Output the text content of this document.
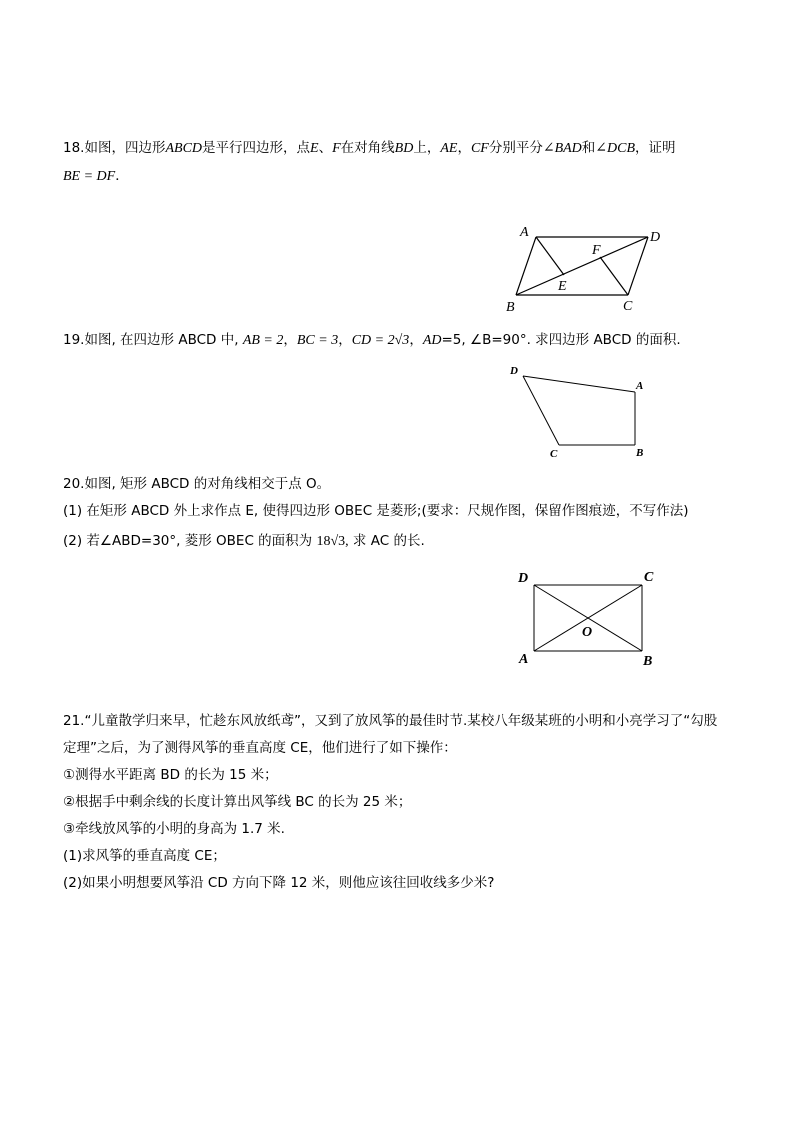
18.如图，四边形ABCD是平行四边形，点E、F在对角线BD上，AE，CF分别平分∠BAD和∠DCB，证明
BE = DF．
A	D
F
E
B	C
19.如图, 在四边形 ABCD 中, AB = 2，BC = 3，CD = 2√3，AD=5, ∠B=90°. 求四边形 ABCD 的面积.
D
A
C	B
20.如图, 矩形 ABCD 的对角线相交于点 O。
(1) 在矩形 ABCD 外上求作点 E, 使得四边形 OBEC 是菱形;(要求：尺规作图，保留作图痕迹，不写作法)
(2) 若∠ABD=30°, 菱形 OBEC 的面积为 18√3, 求 AC 的长.
D	C
O
A	B
21.“儿童散学归来早，忙趁东风放纸鸢”，又到了放风筝的最佳时节.某校八年级某班的小明和小亮学习了“勾股
定理”之后，为了测得风筝的垂直高度 CE，他们进行了如下操作：
①测得水平距离 BD 的长为 15 米；
②根据手中剩余线的长度计算出风筝线 BC 的长为 25 米；
③牵线放风筝的小明的身高为 1.7 米.
(1)求风筝的垂直高度 CE；
(2)如果小明想要风筝沿 CD 方向下降 12 米，则他应该往回收线多少米?
